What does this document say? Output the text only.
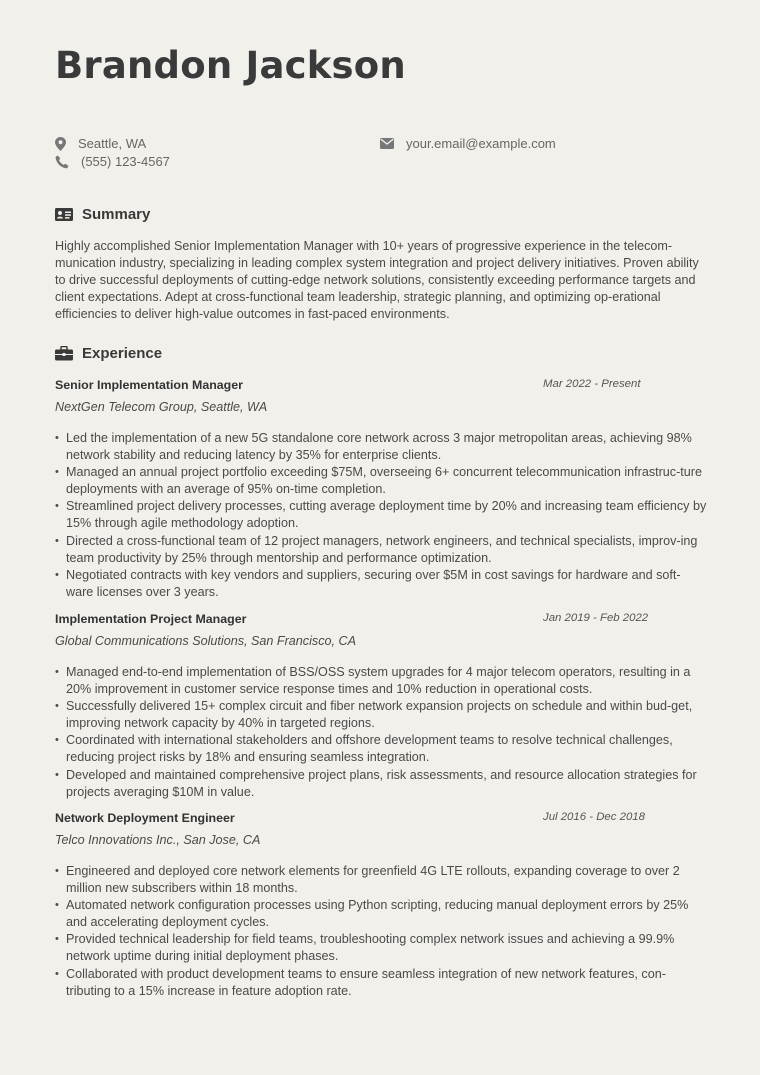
Brandon Jackson
Seattle, WA	your.email@example.com
(555) 123-4567
Summary

Highly accomplished Senior Implementation Manager with 10+ years of progressive experience in the telecom-munication industry, specializing in leading complex system integration and project delivery initiatives. Proven ability to drive successful deployments of cutting-edge network solutions, consistently exceeding performance targets and client expectations. Adept at cross-functional team leadership, strategic planning, and optimizing op-erational efficiencies to deliver high-value outcomes in fast-paced environments.

Experience
Senior Implementation Manager	Mar 2022 - Present
NextGen Telecom Group, Seattle, WA
• Led the implementation of a new 5G standalone core network across 3 major metropolitan areas, achieving 98% network stability and reducing latency by 35% for enterprise clients.
• Managed an annual project portfolio exceeding $75M, overseeing 6+ concurrent telecommunication infrastruc-ture deployments with an average of 95% on-time completion.
• Streamlined project delivery processes, cutting average deployment time by 20% and increasing team efficiency by 15% through agile methodology adoption.
• Directed a cross-functional team of 12 project managers, network engineers, and technical specialists, improv-ing team productivity by 25% through mentorship and performance optimization.
• Negotiated contracts with key vendors and suppliers, securing over $5M in cost savings for hardware and soft-ware licenses over 3 years.
Implementation Project Manager	Jan 2019 - Feb 2022
Global Communications Solutions, San Francisco, CA
• Managed end-to-end implementation of BSS/OSS system upgrades for 4 major telecom operators, resulting in a 20% improvement in customer service response times and 10% reduction in operational costs.
• Successfully delivered 15+ complex circuit and fiber network expansion projects on schedule and within bud-get, improving network capacity by 40% in targeted regions.
• Coordinated with international stakeholders and offshore development teams to resolve technical challenges, reducing project risks by 18% and ensuring seamless integration.
• Developed and maintained comprehensive project plans, risk assessments, and resource allocation strategies for projects averaging $10M in value.
Network Deployment Engineer	Jul 2016 - Dec 2018
Telco Innovations Inc., San Jose, CA
• Engineered and deployed core network elements for greenfield 4G LTE rollouts, expanding coverage to over 2 million new subscribers within 18 months.
• Automated network configuration processes using Python scripting, reducing manual deployment errors by 25% and accelerating deployment cycles.
• Provided technical leadership for field teams, troubleshooting complex network issues and achieving a 99.9% network uptime during initial deployment phases.
• Collaborated with product development teams to ensure seamless integration of new network features, con-tributing to a 15% increase in feature adoption rate.
